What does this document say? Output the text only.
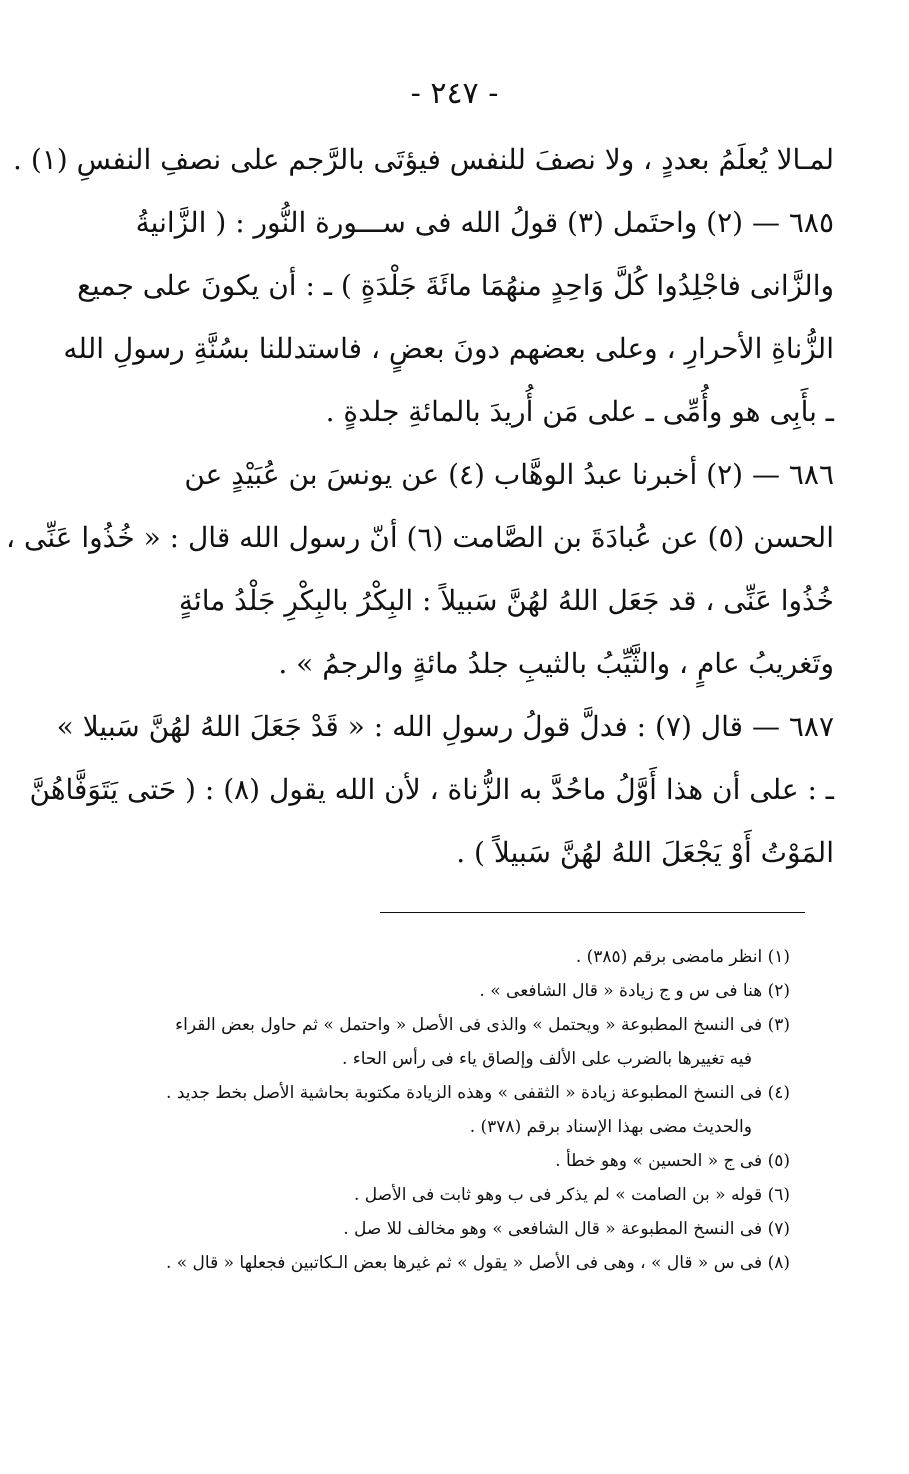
- ٢٤٧ -
لمـالا يُعلَمُ بعددٍ ، ولا نصفَ للنفس فيؤتَى بالرَّجم على نصفِ النفسِ (١) .
٦٨٥ — (٢) واحتَمل (٣) قولُ الله فى ســـورة النُّور : ( الزَّانيةُ
والزَّانى فاجْلِدُوا كُلَّ وَاحِدٍ منهُمَا مائَةَ جَلْدَةٍ ) ـ : أن يكونَ على جميع
الزُّناةِ الأحرارِ ، وعلى بعضهم دونَ بعضٍ ، فاستدللنا بسُنَّةِ رسولِ الله
ـ بأَبِى هو وأُمِّى ـ على مَن أُريدَ بالمائةِ جلدةٍ .
٦٨٦ — (٢) أخبرنا عبدُ الوهَّاب (٤) عن يونسَ بن عُبَيْدٍ عن
الحسن (٥) عن عُبادَةَ بن الصَّامت (٦) أنّ رسول الله قال : « خُذُوا عَنِّى ،
خُذُوا عَنِّى ، قد جَعَل اللهُ لهُنَّ سَبيلاً : البِكْرُ بالبِكْرِ جَلْدُ مائةٍ
وتَغريبُ عامٍ ، والثَّيِّبُ بالثيبِ جلدُ مائةٍ والرجمُ » .
٦٨٧ — قال (٧) : فدلَّ قولُ رسولِ الله : « قَدْ جَعَلَ اللهُ لهُنَّ سَبيلا »
ـ : على أن هذا أَوَّلُ ماحُدَّ به الزُّناة ، لأن الله يقول (٨) : ( حَتى يَتَوَفَّاهُنَّ
المَوْتُ أَوْ يَجْعَلَ اللهُ لهُنَّ سَبيلاً ) .
(١) انظر مامضى برقم (٣٨٥) .
(٢) هنا فى س و ج زيادة « قال الشافعى » .
(٣) فى النسخ المطبوعة « ويحتمل » والذى فى الأصل « واحتمل » ثم حاول بعض القراء
فيه تغييرها بالضرب على الألف وإلصاق ياء فى رأس الحاء .
(٤) فى النسخ المطبوعة زيادة « الثقفى » وهذه الزيادة مكتوبة بحاشية الأصل بخط جديد .
والحديث مضى بهذا الإسناد برقم (٣٧٨) .
(٥) فى ج « الحسين » وهو خطأ .
(٦) قوله « بن الصامت » لم يذكر فى ب وهو ثابت فى الأصل .
(٧) فى النسخ المطبوعة « قال الشافعى » وهو مخالف للا صل .
(٨) فى س « قال » ، وهى فى الأصل « يقول » ثم غيرها بعض الـكاتبين فجعلها « قال » .
